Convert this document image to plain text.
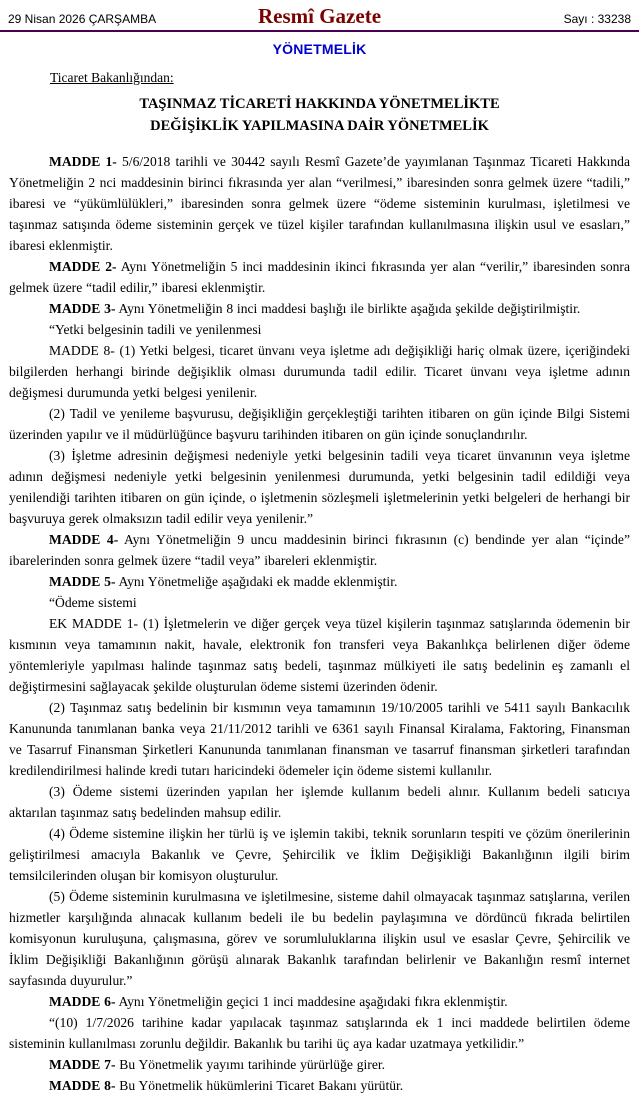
29 Nisan 2026 ÇARŞAMBA	Resmî Gazete	Sayı : 33238
YÖNETMELİK
Ticaret Bakanlığından:
TAŞINMAZ TİCARETİ HAKKINDA YÖNETMELİKTE
DEĞİŞİKLİK YAPILMASINA DAİR YÖNETMELİK

MADDE 1- 5/6/2018 tarihli ve 30442 sayılı Resmî Gazete’de yayımlanan Taşınmaz Ticareti Hakkında Yönetmeliğin 2 nci maddesinin birinci fıkrasında yer alan “verilmesi,” ibaresinden sonra gelmek üzere “tadili,” ibaresi ve “yükümlülükleri,” ibaresinden sonra gelmek üzere “ödeme sisteminin kurulması, işletilmesi ve taşınmaz satışında ödeme sisteminin gerçek ve tüzel kişiler tarafından kullanılmasına ilişkin usul ve esasları,” ibaresi eklenmiştir.

MADDE 2- Aynı Yönetmeliğin 5 inci maddesinin ikinci fıkrasında yer alan “verilir,” ibaresinden sonra gelmek üzere “tadil edilir,” ibaresi eklenmiştir.

MADDE 3- Aynı Yönetmeliğin 8 inci maddesi başlığı ile birlikte aşağıda şekilde değiştirilmiştir.

“Yetki belgesinin tadili ve yenilenmesi

MADDE 8- (1) Yetki belgesi, ticaret ünvanı veya işletme adı değişikliği hariç olmak üzere, içeriğindeki bilgilerden herhangi birinde değişiklik olması durumunda tadil edilir. Ticaret ünvanı veya işletme adının değişmesi durumunda yetki belgesi yenilenir.

(2) Tadil ve yenileme başvurusu, değişikliğin gerçekleştiği tarihten itibaren on gün içinde Bilgi Sistemi üzerinden yapılır ve il müdürlüğünce başvuru tarihinden itibaren on gün içinde sonuçlandırılır.

(3) İşletme adresinin değişmesi nedeniyle yetki belgesinin tadili veya ticaret ünvanının veya işletme adının değişmesi nedeniyle yetki belgesinin yenilenmesi durumunda, yetki belgesinin tadil edildiği veya yenilendiği tarihten itibaren on gün içinde, o işletmenin sözleşmeli işletmelerinin yetki belgeleri de herhangi bir başvuruya gerek olmaksızın tadil edilir veya yenilenir.”

MADDE 4- Aynı Yönetmeliğin 9 uncu maddesinin birinci fıkrasının (c) bendinde yer alan “içinde” ibarelerinden sonra gelmek üzere “tadil veya” ibareleri eklenmiştir.

MADDE 5- Aynı Yönetmeliğe aşağıdaki ek madde eklenmiştir.

“Ödeme sistemi

EK MADDE 1- (1) İşletmelerin ve diğer gerçek veya tüzel kişilerin taşınmaz satışlarında ödemenin bir kısmının veya tamamının nakit, havale, elektronik fon transferi veya Bakanlıkça belirlenen diğer ödeme yöntemleriyle yapılması halinde taşınmaz satış bedeli, taşınmaz mülkiyeti ile satış bedelinin eş zamanlı el değiştirmesini sağlayacak şekilde oluşturulan ödeme sistemi üzerinden ödenir.

(2) Taşınmaz satış bedelinin bir kısmının veya tamamının 19/10/2005 tarihli ve 5411 sayılı Bankacılık Kanununda tanımlanan banka veya 21/11/2012 tarihli ve 6361 sayılı Finansal Kiralama, Faktoring, Finansman ve Tasarruf Finansman Şirketleri Kanununda tanımlanan finansman ve tasarruf finansman şirketleri tarafından kredilendirilmesi halinde kredi tutarı haricindeki ödemeler için ödeme sistemi kullanılır.

(3) Ödeme sistemi üzerinden yapılan her işlemde kullanım bedeli alınır. Kullanım bedeli satıcıya aktarılan taşınmaz satış bedelinden mahsup edilir.

(4) Ödeme sistemine ilişkin her türlü iş ve işlemin takibi, teknik sorunların tespiti ve çözüm önerilerinin geliştirilmesi amacıyla Bakanlık ve Çevre, Şehircilik ve İklim Değişikliği Bakanlığının ilgili birim temsilcilerinden oluşan bir komisyon oluşturulur.

(5) Ödeme sisteminin kurulmasına ve işletilmesine, sisteme dahil olmayacak taşınmaz satışlarına, verilen hizmetler karşılığında alınacak kullanım bedeli ile bu bedelin paylaşımına ve dördüncü fıkrada belirtilen komisyonun kuruluşuna, çalışmasına, görev ve sorumluluklarına ilişkin usul ve esaslar Çevre, Şehircilik ve İklim Değişikliği Bakanlığının görüşü alınarak Bakanlık tarafından belirlenir ve Bakanlığın resmî internet sayfasında duyurulur.”

MADDE 6- Aynı Yönetmeliğin geçici 1 inci maddesine aşağıdaki fıkra eklenmiştir.

“(10) 1/7/2026 tarihine kadar yapılacak taşınmaz satışlarında ek 1 inci maddede belirtilen ödeme sisteminin kullanılması zorunlu değildir. Bakanlık bu tarihi üç aya kadar uzatmaya yetkilidir.”

MADDE 7- Bu Yönetmelik yayımı tarihinde yürürlüğe girer.

MADDE 8- Bu Yönetmelik hükümlerini Ticaret Bakanı yürütür.
